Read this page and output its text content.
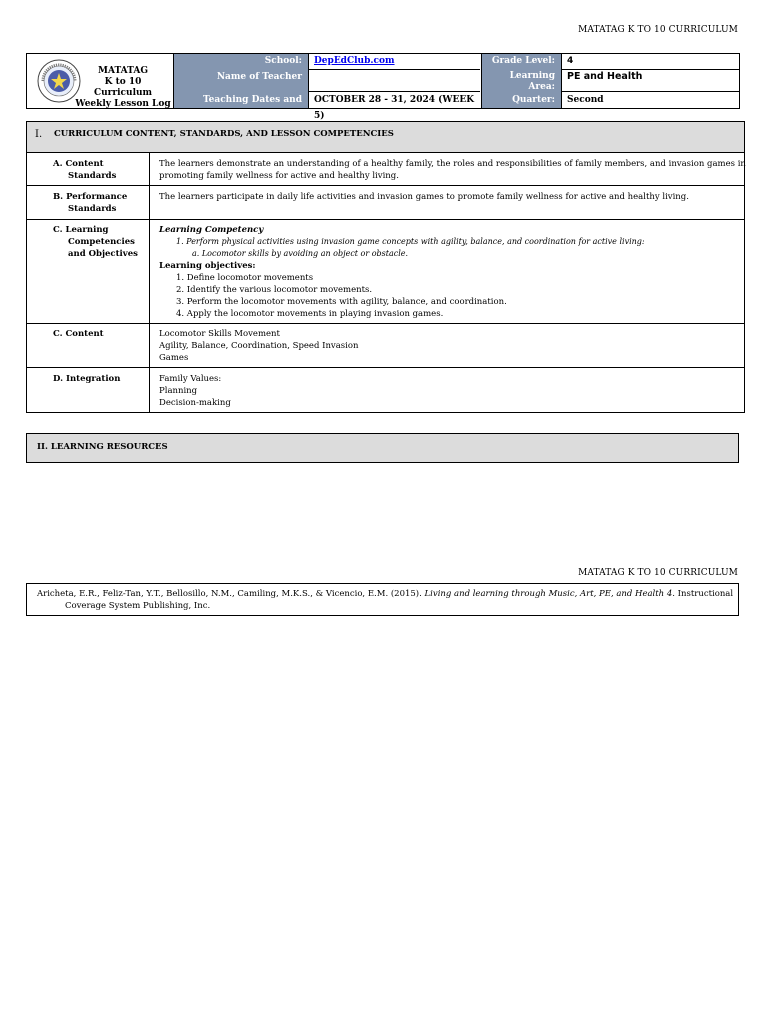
MATATAG K TO 10 CURRICULUM
MATATAG
K to 10 Curriculum
Weekly Lesson Log
School:
Name of Teacher
Teaching Dates and Time:
DepEdClub.com
OCTOBER 28 - 31, 2024 (WEEK 5)
Grade Level:
Learning
Area:
Quarter:
4
PE and Health
Second
I. CURRICULUM CONTENT, STANDARDS, AND LESSON COMPETENCIES
A. Content
Standards
The learners demonstrate an understanding of a healthy family, the roles and responsibilities of family members, and invasion games in
promoting family wellness for active and healthy living.
B. Performance
Standards
The learners participate in daily life activities and invasion games to promote family wellness for active and healthy living.
C. Learning
Competencies
and Objectives
Learning Competency
1. Perform physical activities using invasion game concepts with agility, balance, and coordination for active living:
a. Locomotor skills by avoiding an object or obstacle.
Learning objectives:
1. Define locomotor movements
2. Identify the various locomotor movements.
3. Perform the locomotor movements with agility, balance, and coordination.
4. Apply the locomotor movements in playing invasion games.
C. Content	Locomotor Skills Movement
Agility, Balance, Coordination, Speed Invasion
Games
D. Integration	Family Values:
Planning
Decision-making
II. LEARNING RESOURCES
MATATAG K TO 10 CURRICULUM
Aricheta, E.R., Feliz-Tan, Y.T., Bellosillo, N.M., Camiling, M.K.S., & Vicencio, E.M. (2015). Living and learning through Music, Art, PE, and Health 4. Instructional
Coverage System Publishing, Inc.
